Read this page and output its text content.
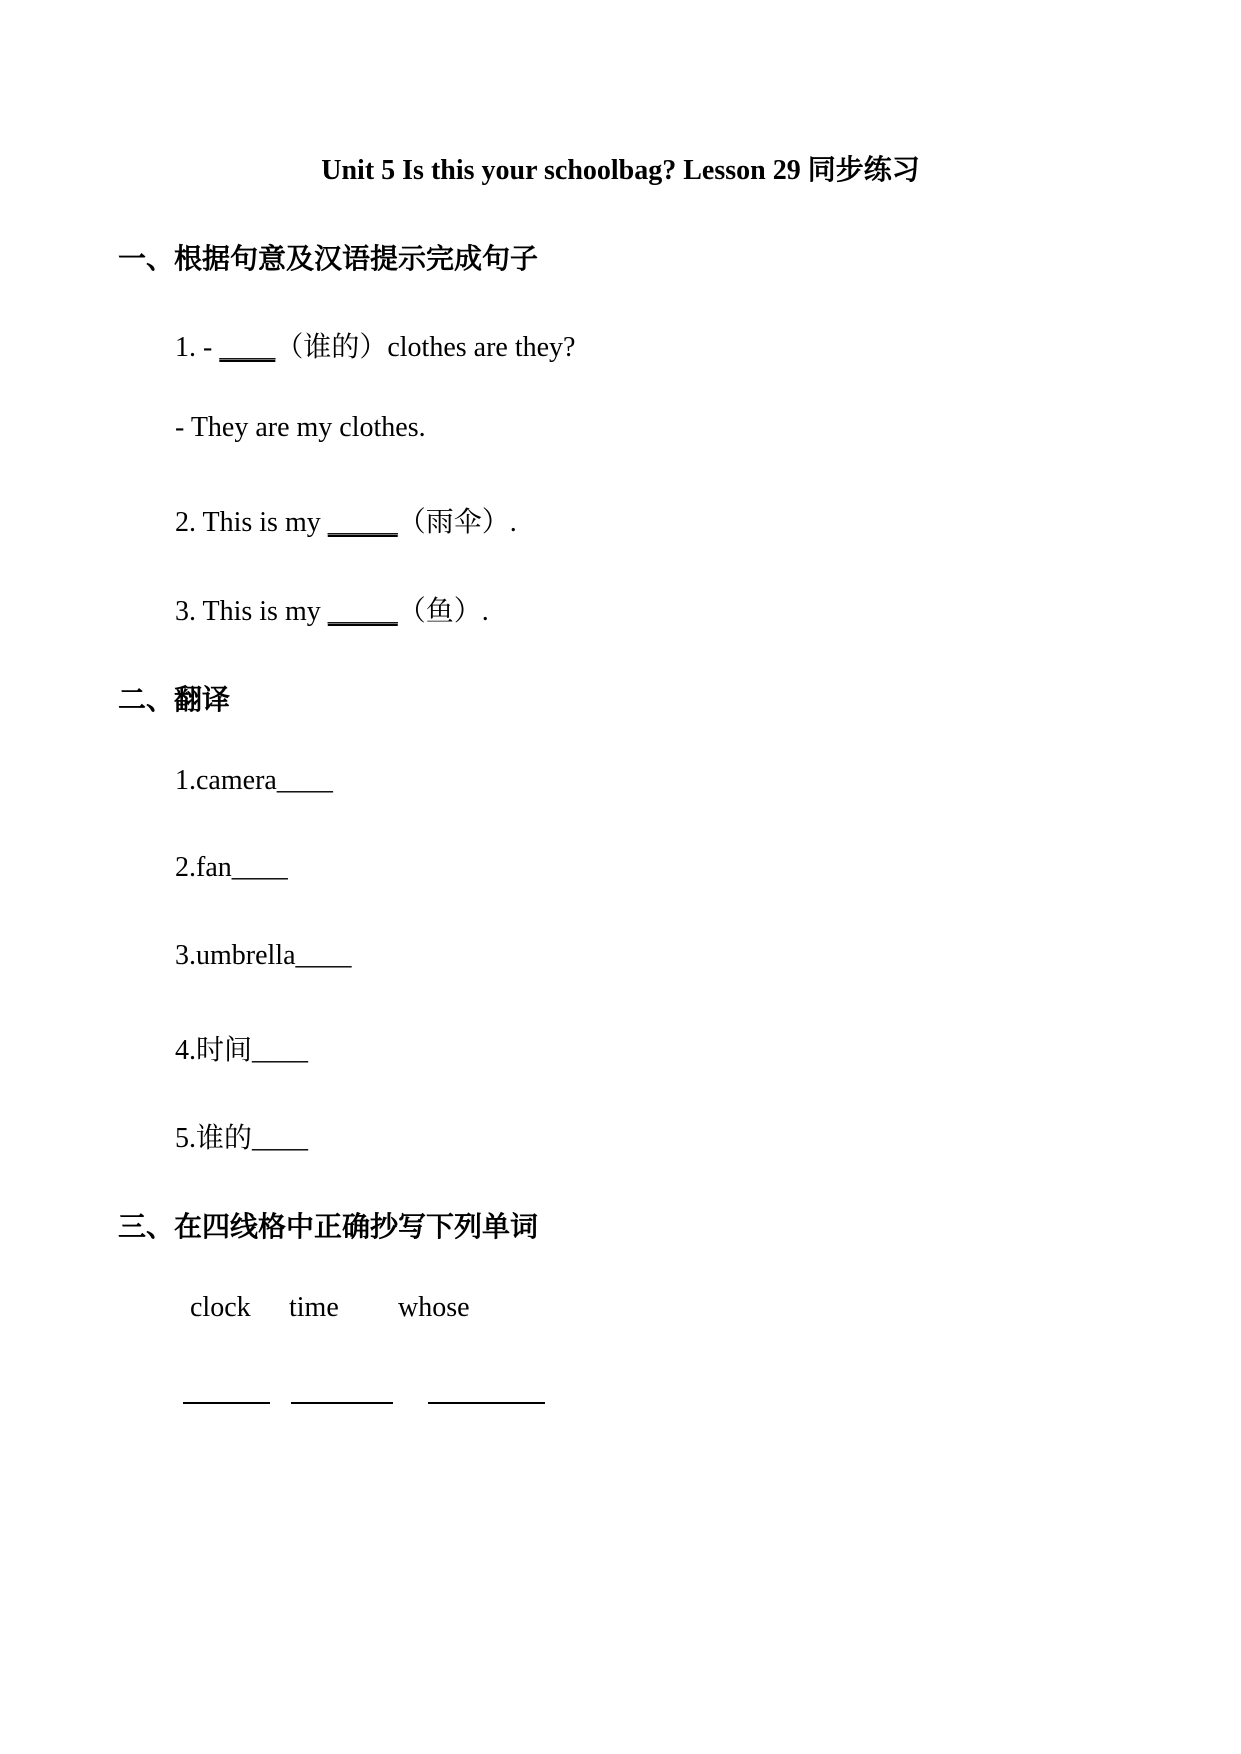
Unit 5 Is this your schoolbag? Lesson 29 同步练习
一、根据句意及汉语提示完成句子
1. - ____（谁的）clothes are they?
- They are my clothes.
2. This is my _____（雨伞）.
3. This is my _____（鱼）.
二、翻译
1.camera____
2.fan____
3.umbrella____
4.时间____
5.谁的____
三、在四线格中正确抄写下列单词
clock time whose
